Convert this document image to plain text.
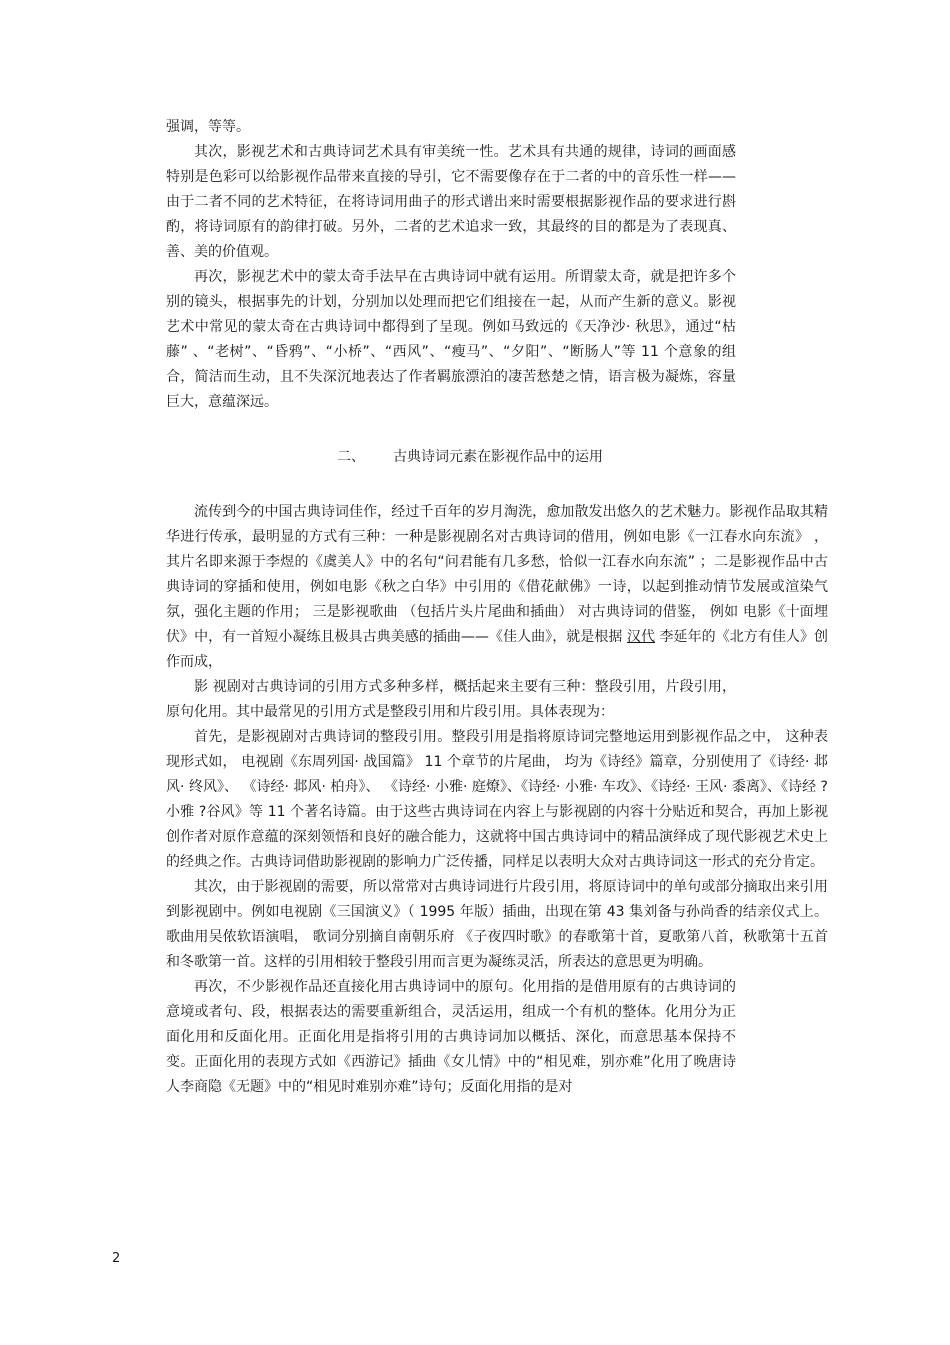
强调，等等。

其次，影视艺术和古典诗词艺术具有审美统一性。艺术具有共通的规律，诗词的画面感特别是色彩可以给影视作品带来直接的导引，它不需要像存在于二者的中的音乐性一样——由于二者不同的艺术特征，在将诗词用曲子的形式谱出来时需要根据影视作品的要求进行斟酌，将诗词原有的韵律打破。另外，二者的艺术追求一致，其最终的目的都是为了表现真、善、美的价值观。

再次，影视艺术中的蒙太奇手法早在古典诗词中就有运用。所谓蒙太奇，就是把许多个别的镜头，根据事先的计划，分别加以处理而把它们组接在一起，从而产生新的意义。影视艺术中常见的蒙太奇在古典诗词中都得到了呈现。例如马致远的《天净沙· 秋思》，通过“枯藤” 、“老树”、“昏鸦”、“小桥”、“西风”、“瘦马”、“夕阳”、“断肠人”等 11 个意象的组合，简洁而生动，且不失深沉地表达了作者羁旅漂泊的凄苦愁楚之情，语言极为凝炼，容量巨大，意蕴深远。

二、 古典诗词元素在影视作品中的运用

流传到今的中国古典诗词佳作，经过千百年的岁月淘洗，愈加散发出悠久的艺术魅力。影视作品取其精华进行传承，最明显的方式有三种：一种是影视剧名对古典诗词的借用，例如电影《一江春水向东流》 ，其片名即来源于李煜的《虞美人》中的名句“问君能有几多愁，恰似一江春水向东流” ；二是影视作品中古典诗词的穿插和使用，例如电影《秋之白华》中引用的《借花献佛》一诗，以起到推动情节发展或渲染气氛，强化主题的作用； 三是影视歌曲 （包括片头片尾曲和插曲） 对古典诗词的借鉴， 例如 电影《十面埋伏》中，有一首短小凝练且极具古典美感的插曲——《佳人曲》，就是根据 汉代 李延年的《北方有佳人》创作而成，

影 视剧对古典诗词的引用方式多种多样，概括起来主要有三种：整段引用，片段引用，原句化用。其中最常见的引用方式是整段引用和片段引用。具体表现为：

首先，是影视剧对古典诗词的整段引用。整段引用是指将原诗词完整地运用到影视作品之中， 这种表现形式如， 电视剧《东周列国· 战国篇》 11 个章节的片尾曲， 均为《诗经》篇章，分别使用了《诗经· 邶风· 终风》、 《诗经· 邶风· 柏舟》、 《诗经· 小雅· 庭燎》、《诗经· 小雅· 车攻》、《诗经· 王风· 黍离》、《诗经 ?小雅 ?谷风》等 11 个著名诗篇。由于这些古典诗词在内容上与影视剧的内容十分贴近和契合，再加上影视创作者对原作意蕴的深刻领悟和良好的融合能力，这就将中国古典诗词中的精品演绎成了现代影视艺术史上的经典之作。古典诗词借助影视剧的影响力广泛传播，同样足以表明大众对古典诗词这一形式的充分肯定。

其次，由于影视剧的需要，所以常常对古典诗词进行片段引用，将原诗词中的单句或部分摘取出来引用到影视剧中。例如电视剧《三国演义》（ 1995 年版）插曲，出现在第 43 集刘备与孙尚香的结亲仪式上。 歌曲用吴侬软语演唱， 歌词分别摘自南朝乐府 《子夜四时歌》的春歌第十首，夏歌第八首，秋歌第十五首和冬歌第一首。这样的引用相较于整段引用而言更为凝练灵活，所表达的意思更为明确。

再次，不少影视作品还直接化用古典诗词中的原句。化用指的是借用原有的古典诗词的意境或者句、段，根据表达的需要重新组合，灵活运用，组成一个有机的整体。化用分为正面化用和反面化用。正面化用是指将引用的古典诗词加以概括、深化，而意思基本保持不变。正面化用的表现方式如《西游记》插曲《女儿情》中的“相见难，别亦难”化用了晚唐诗人李商隐《无题》中的“相见时难别亦难”诗句；反面化用指的是对

2
